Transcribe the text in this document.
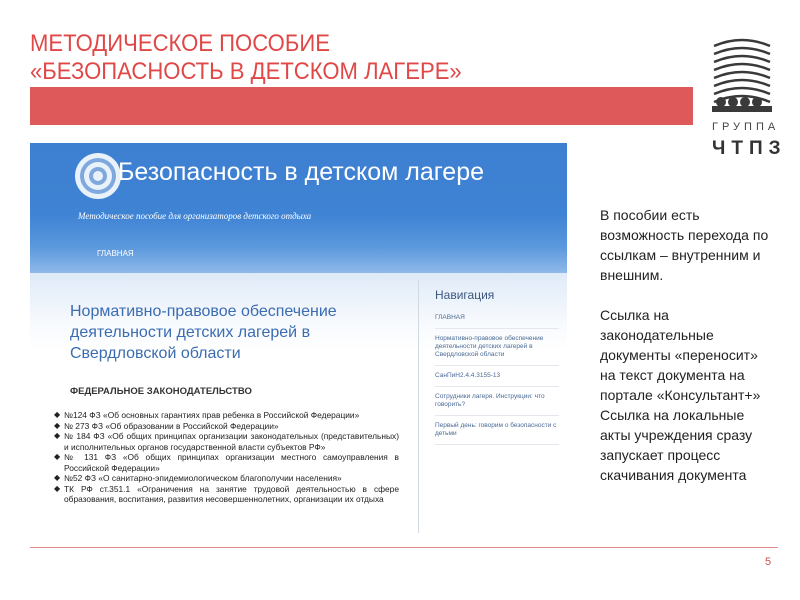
МЕТОДИЧЕСКОЕ ПОСОБИЕ
«БЕЗОПАСНОСТЬ В ДЕТСКОМ ЛАГЕРЕ»
ГРУППА
ЧТПЗ
Безопасность в детском лагере
Методическое пособие для организаторов детского отдыха
ГЛАВНАЯ
Нормативно-правовое обеспечение деятельности детских лагерей в Свердловской области
ФЕДЕРАЛЬНОЕ ЗАКОНОДАТЕЛЬСТВО
◆ №124 ФЗ «Об основных гарантиях прав ребенка в Российской Федерации»
◆ № 273 ФЗ «Об образовании в Российской Федерации»
◆ № 184 ФЗ «Об общих принципах организации законодательных (представительных) и исполнительных органов государственной власти субъектов РФ»
◆ № 131 ФЗ «Об общих принципах организации местного самоуправления в Российской Федерации»
◆ №52 ФЗ «О санитарно-эпидемиологическом благополучии населения»
◆ ТК РФ ст.351.1 «Ограничения на занятие трудовой деятельностью в сфере образования, воспитания, развития несовершеннолетних, организации их отдыха
Навигация
ГЛАВНАЯ
Нормативно-правовое обеспечение деятельности детских лагерей в Свердловской области
СанПиН2.4.4.3155-13
Сотрудники лагеря. Инструкции: что говорить?
Первый день: говорим о безопасности с детьми

В пособии есть возможность перехода по ссылкам – внутренним и внешним.

Ссылка на законодательные документы «переносит» на текст документа на портале «Консультант+»

Ссылка на локальные акты учреждения сразу запускает процесс скачивания документа

5
